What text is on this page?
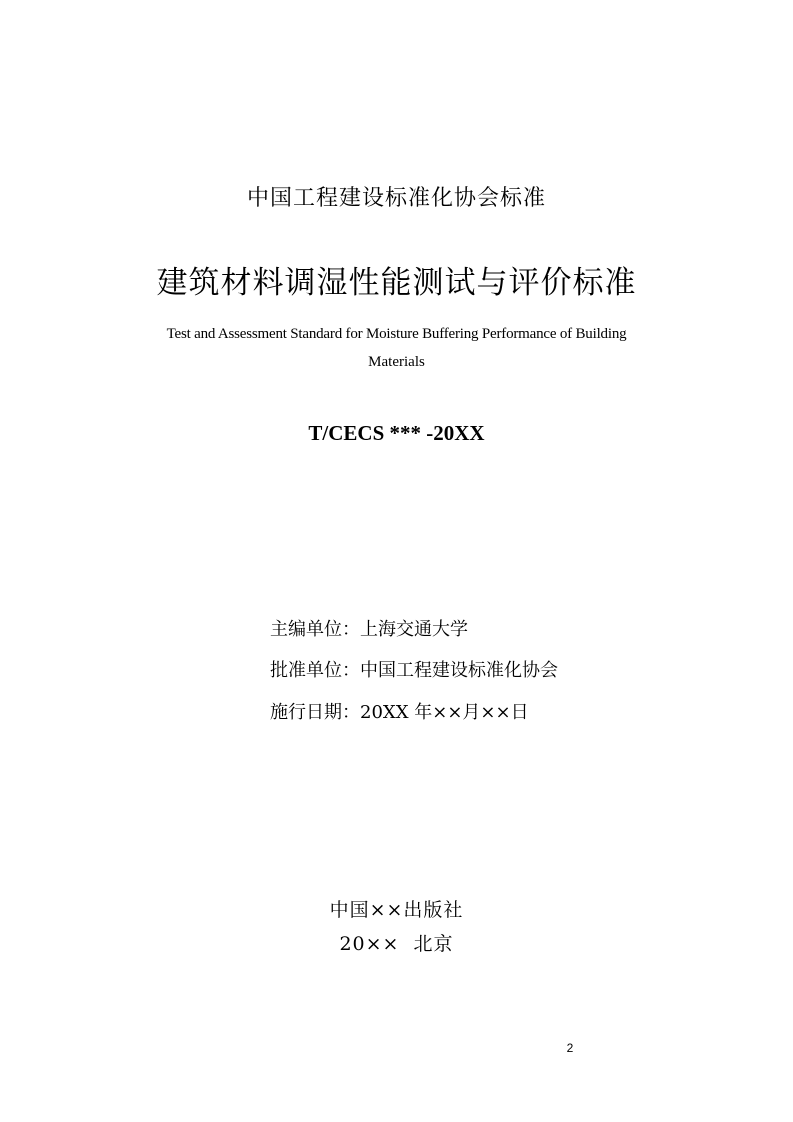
中国工程建设标准化协会标准
建筑材料调湿性能测试与评价标准
Test and Assessment Standard for Moisture Buffering Performance of Building
Materials
T/CECS *** -20XX
主编单位：上海交通大学
批准单位：中国工程建设标准化协会
施行日期：20XX 年××月××日
中国××出版社
20××  北京
2
